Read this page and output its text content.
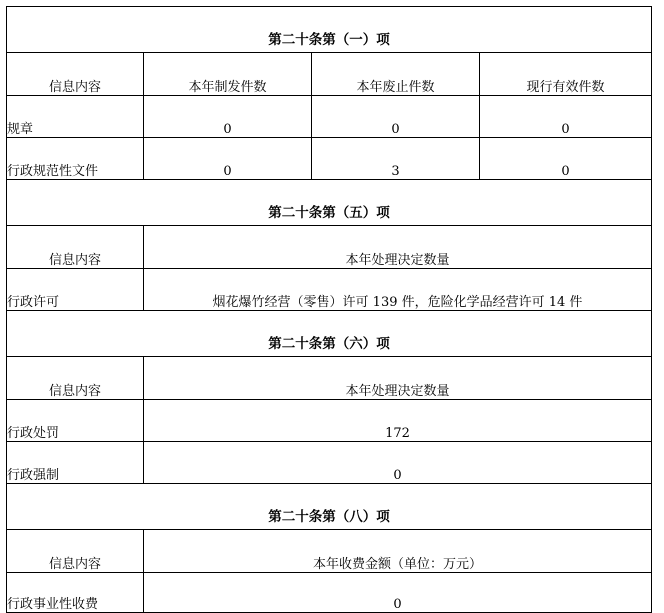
第二十条第（一）项			
信息内容	本年制发件数	本年废止件数	现行有效件数
规章	0	0	0
行政规范性文件	0	3	0
第二十条第（五）项			
信息内容	本年处理决定数量		
行政许可	烟花爆竹经营（零售）许可 139 件，危险化学品经营许可 14 件		
第二十条第（六）项			
信息内容	本年处理决定数量		
行政处罚	172		
行政强制	0		
第二十条第（八）项			
信息内容	本年收费金额（单位：万元）		
行政事业性收费	0		
